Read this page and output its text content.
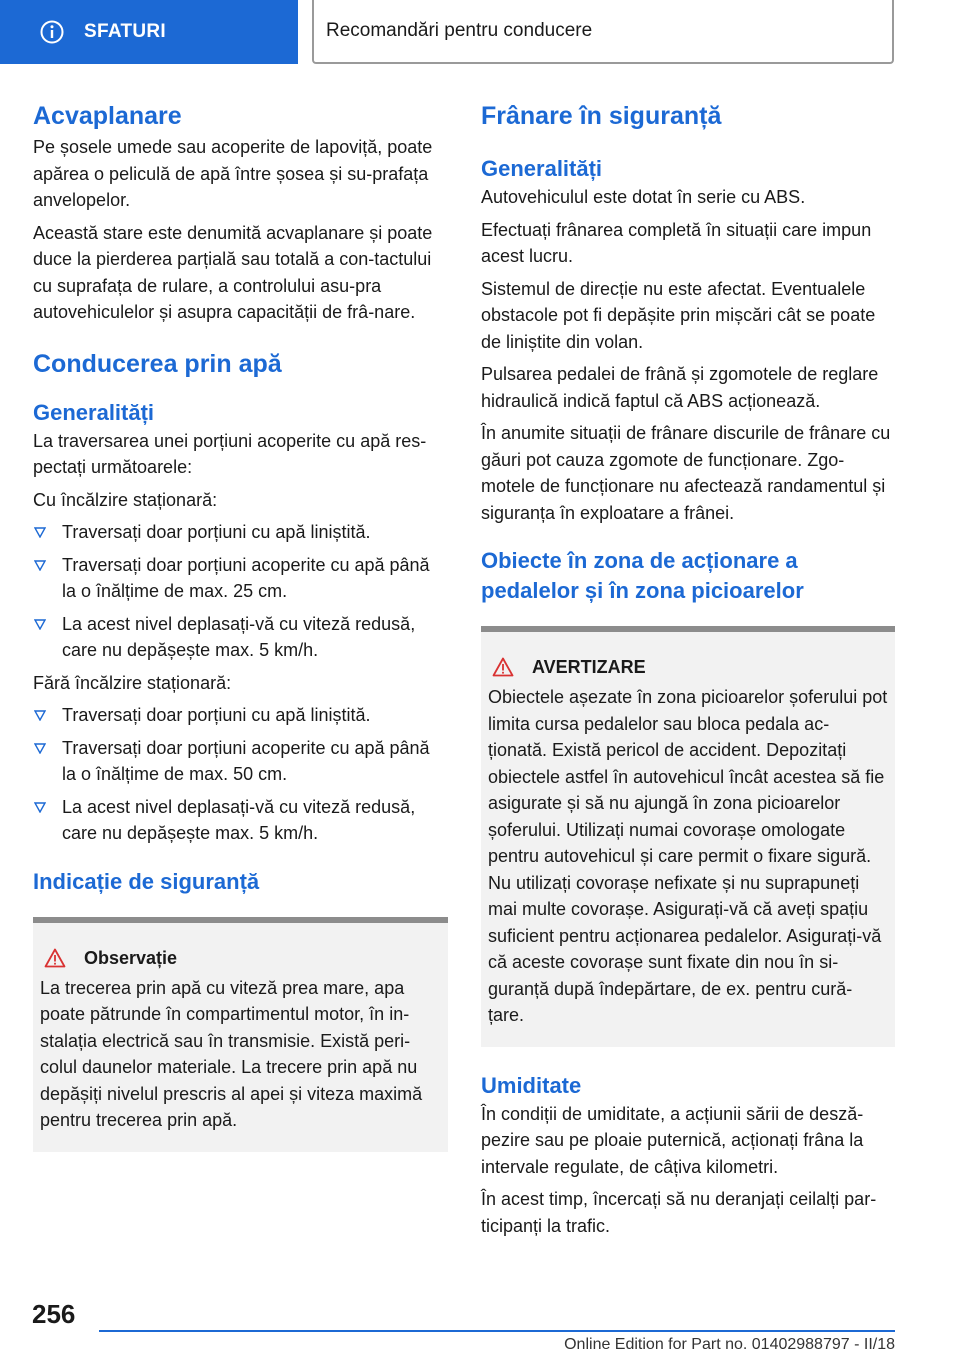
SFATURI	Recomandări pentru conducere
Acvaplanare

Pe șosele umede sau acoperite de lapoviță, poate apărea o peliculă de apă între șosea și su-prafața anvelopelor.

Această stare este denumită acvaplanare și poate duce la pierderea parțială sau totală a con-tactului cu suprafața de rulare, a controlului asu-pra autovehiculelor și asupra capacității de frâ-nare.

Conducerea prin apă
Generalități

La traversarea unei porțiuni acoperite cu apă res-pectați următoarele:

Cu încălzire staționară:

Traversați doar porțiuni cu apă liniștită.
Traversați doar porțiuni acoperite cu apă până la o înălțime de max. 25 cm.
La acest nivel deplasați-vă cu viteză redusă, care nu depășește max. 5 km/h.

Fără încălzire staționară:

Traversați doar porțiuni cu apă liniștită.
Traversați doar porțiuni acoperite cu apă până la o înălțime de max. 50 cm.
La acest nivel deplasați-vă cu viteză redusă, care nu depășește max. 5 km/h.
Indicație de siguranță
Observație

La trecerea prin apă cu viteză prea mare, apa poate pătrunde în compartimentul motor, în in-stalația electrică sau în transmisie. Există peri-colul daunelor materiale. La trecere prin apă nu depășiți nivelul prescris al apei și viteza maximă pentru trecerea prin apă.

Frânare în siguranță
Generalități

Autovehiculul este dotat în serie cu ABS.

Efectuați frânarea completă în situații care impun acest lucru.

Sistemul de direcție nu este afectat. Eventualele obstacole pot fi depășite prin mișcări cât se poate de liniștite din volan.

Pulsarea pedalei de frână și zgomotele de reglare hidraulică indică faptul că ABS acționează.

În anumite situații de frânare discurile de frânare cu găuri pot cauza zgomote de funcționare. Zgo-motele de funcționare nu afectează randamentul și siguranța în exploatare a frânei.

Obiecte în zona de acționare a pedalelor și în zona picioarelor
AVERTIZARE

Obiectele așezate în zona picioarelor șoferului pot limita cursa pedalelor sau bloca pedala ac-ționată. Există pericol de accident. Depozitați obiectele astfel în autovehicul încât acestea să fie asigurate și să nu ajungă în zona picioarelor șoferului. Utilizați numai covorașe omologate pentru autovehicul și care permit o fixare sigură. Nu utilizați covorașe nefixate și nu suprapuneți mai multe covorașe. Asigurați-vă că aveți spațiu suficient pentru acționarea pedalelor. Asigurați-vă că aceste covorașe sunt fixate din nou în si-guranță după îndepărtare, de ex. pentru cură-țare.

Umiditate

În condiții de umiditate, a acțiunii sării de desză-pezire sau pe ploaie puternică, acționați frâna la intervale regulate, de câțiva kilometri.

În acest timp, încercați să nu deranjați ceilalți par-ticipanți la trafic.

256
Online Edition for Part no. 01402988797 - II/18
